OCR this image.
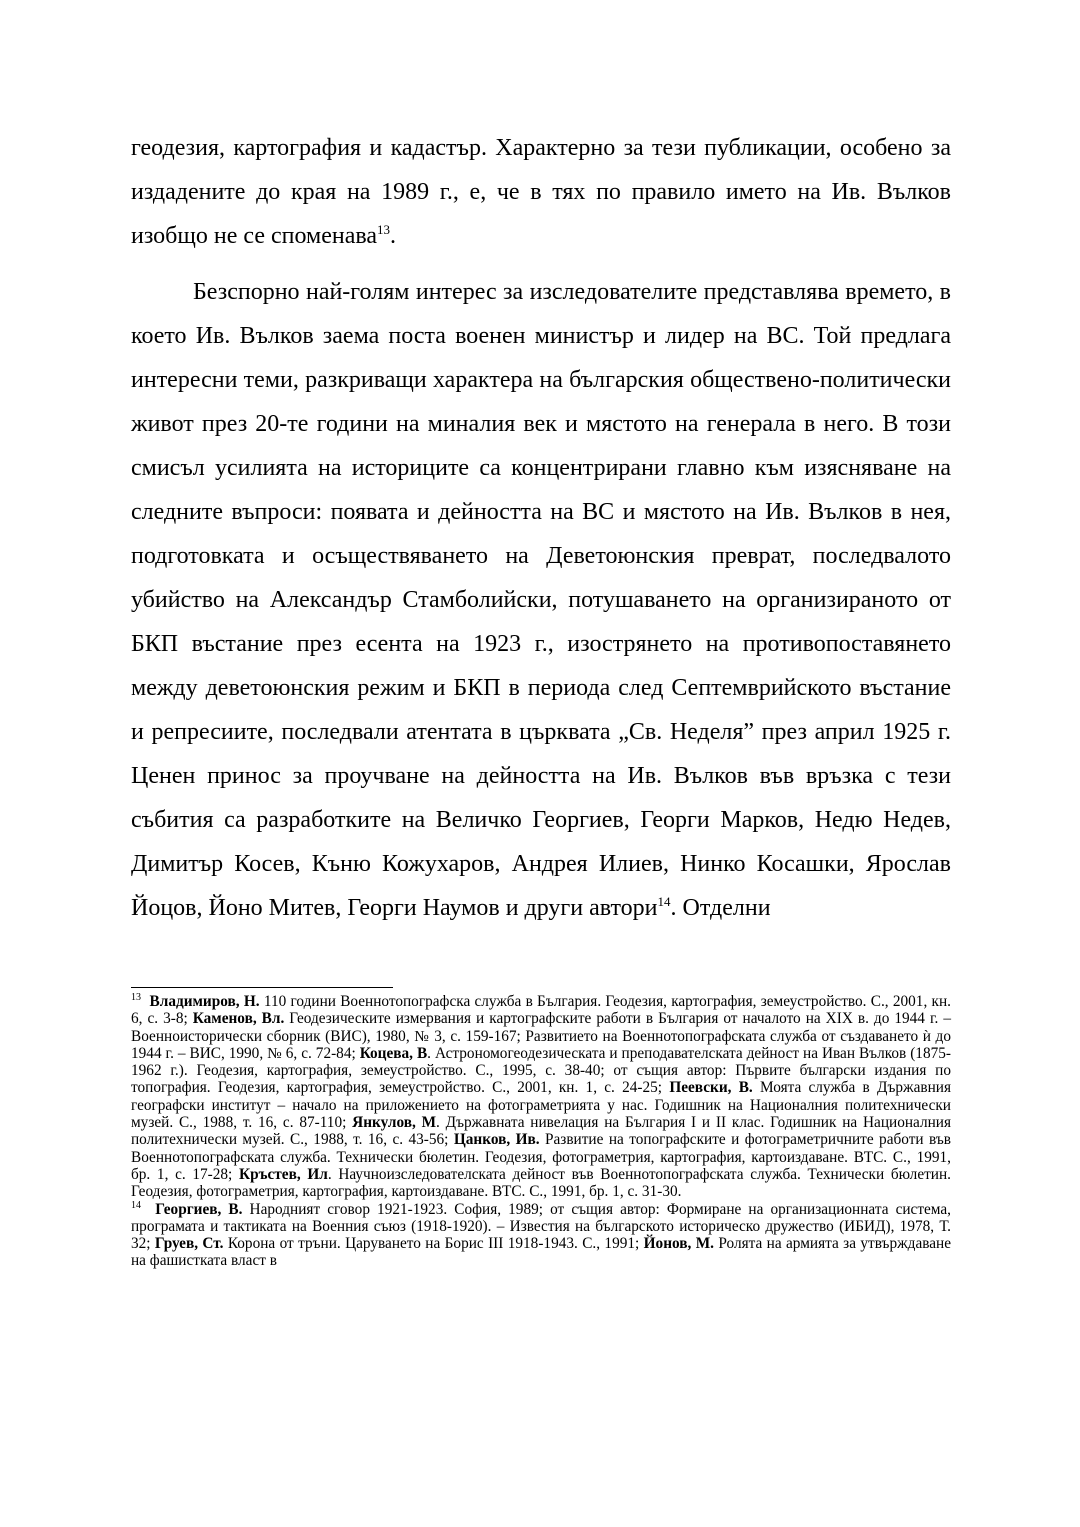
геодезия, картография и кадастър. Характерно за тези публикации, особено за издадените до края на 1989 г., е, че в тях по правило името на Ив. Вълков изобщо не се споменава$^{13}$.

Безспорно най-голям интерес за изследователите представлява времето, в което Ив. Вълков заема поста военен министър и лидер на ВС. Той предлага интересни теми, разкриващи характера на българския обществено-политически живот през 20-те години на миналия век и мястото на генерала в него. В този смисъл усилията на историците са концентрирани главно към изясняване на следните въпроси: появата и дейността на ВС и мястото на Ив. Вълков в нея, подготовката и осъществяването на Деветоюнския преврат, последвалото убийство на Александър Стамболийски, потушаването на организираното от БКП въстание през есента на 1923 г., изострянето на противопоставянето между деветоюнския режим и БКП в периода след Септемврийското въстание и репресиите, последвали атентата в църквата „Св. Неделя” през април 1925 г. Ценен принос за проучване на дейността на Ив. Вълков във връзка с тези събития са разработките на Величко Георгиев, Георги Марков, Недю Недев, Димитър Косев, Къню Кожухаров, Андрея Илиев, Нинко Косашки, Ярослав Йоцов, Йоно Митев, Георги Наумов и други автори$^{14}$. Отделни

$^{13}$ Владимиров, Н. 110 години Военнотопографска служба в България. Геодезия, картография, земеустройство. С., 2001, кн. 6, с. 3-8; Каменов, Вл. Геодезическите измервания и картографските работи в България от началото на XIX в. до 1944 г. – Военноисторически сборник (ВИС), 1980, № 3, с. 159-167; Развитието на Военнотопографската служба от създаването ѝ до 1944 г. – ВИС, 1990, № 6, с. 72-84; Коцева, В. Астрономогеодезическата и преподавателската дейност на Иван Вълков (1875-1962 г.). Геодезия, картография, земеустройство. С., 1995, с. 38-40; от същия автор: Първите български издания по топография. Геодезия, картография, земеустройство. С., 2001, кн. 1, с. 24-25; Пеевски, В. Моята служба в Държавния географски институт – начало на приложението на фотограметрията у нас. Годишник на Националния политехнически музей. С., 1988, т. 16, с. 87-110; Янкулов, М. Държавната нивелация на България I и II клас. Годишник на Националния политехнически музей. С., 1988, т. 16, с. 43-56; Цанков, Ив. Развитие на топографските и фотограметричните работи във Военнотопографската служба. Технически бюлетин. Геодезия, фотограметрия, картография, картоиздаване. ВТС. С., 1991, бр. 1, с. 17-28; Кръстев, Ил. Научноизследователската дейност във Военнотопографската служба. Технически бюлетин. Геодезия, фотограметрия, картография, картоиздаване. ВТС. С., 1991, бр. 1, с. 31-30.

$^{14}$ Георгиев, В. Народният сговор 1921-1923. София, 1989; от същия автор: Формиране на организационната система, програмата и тактиката на Военния съюз (1918-1920). – Известия на българското историческо дружество (ИБИД), 1978, Т. 32; Груев, Ст. Корона от тръни. Царуването на Борис III 1918-1943. С., 1991; Йонов, М. Ролята на армията за утвърждаване на фашистката власт в
